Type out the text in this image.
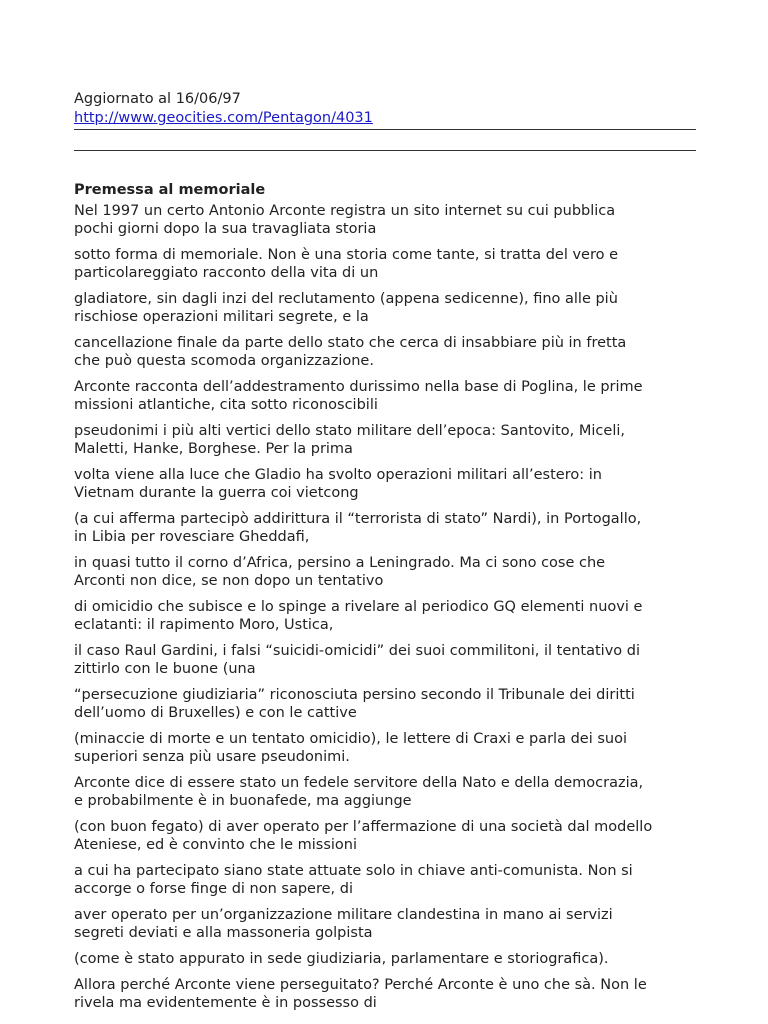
Aggiornato al 16/06/97

http://www.geocities.com/Pentagon/4031

Premessa al memoriale

Nel 1997 un certo Antonio Arconte registra un sito internet su cui pubblica
pochi giorni dopo la sua travagliata storia

sotto forma di memoriale. Non è una storia come tante, si tratta del vero e
particolareggiato racconto della vita di un

gladiatore, sin dagli inzi del reclutamento (appena sedicenne), fino alle più
rischiose operazioni militari segrete, e la

cancellazione finale da parte dello stato che cerca di insabbiare più in fretta
che può questa scomoda organizzazione.

Arconte racconta dell’addestramento durissimo nella base di Poglina, le prime
missioni atlantiche, cita sotto riconoscibili

pseudonimi i più alti vertici dello stato militare dell’epoca: Santovito, Miceli,
Maletti, Hanke, Borghese. Per la prima

volta viene alla luce che Gladio ha svolto operazioni militari all’estero: in
Vietnam durante la guerra coi vietcong

(a cui afferma partecipò addirittura il “terrorista di stato” Nardi), in Portogallo,
in Libia per rovesciare Gheddafi,

in quasi tutto il corno d’Africa, persino a Leningrado. Ma ci sono cose che
Arconti non dice, se non dopo un tentativo

di omicidio che subisce e lo spinge a rivelare al periodico GQ elementi nuovi e
eclatanti: il rapimento Moro, Ustica,

il caso Raul Gardini, i falsi “suicidi-omicidi” dei suoi commilitoni, il tentativo di
zittirlo con le buone (una

“persecuzione giudiziaria” riconosciuta persino secondo il Tribunale dei diritti
dell’uomo di Bruxelles) e con le cattive

(minaccie di morte e un tentato omicidio), le lettere di Craxi e parla dei suoi
superiori senza più usare pseudonimi.

Arconte dice di essere stato un fedele servitore della Nato e della democrazia,
e probabilmente è in buonafede, ma aggiunge

(con buon fegato) di aver operato per l’affermazione di una società dal modello
Ateniese, ed è convinto che le missioni

a cui ha partecipato siano state attuate solo in chiave anti-comunista. Non si
accorge o forse finge di non sapere, di

aver operato per un’organizzazione militare clandestina in mano ai servizi
segreti deviati e alla massoneria golpista

(come è stato appurato in sede giudiziaria, parlamentare e storiografica).

Allora perché Arconte viene perseguitato? Perché Arconte è uno che sà. Non le
rivela ma evidentemente è in possesso di
